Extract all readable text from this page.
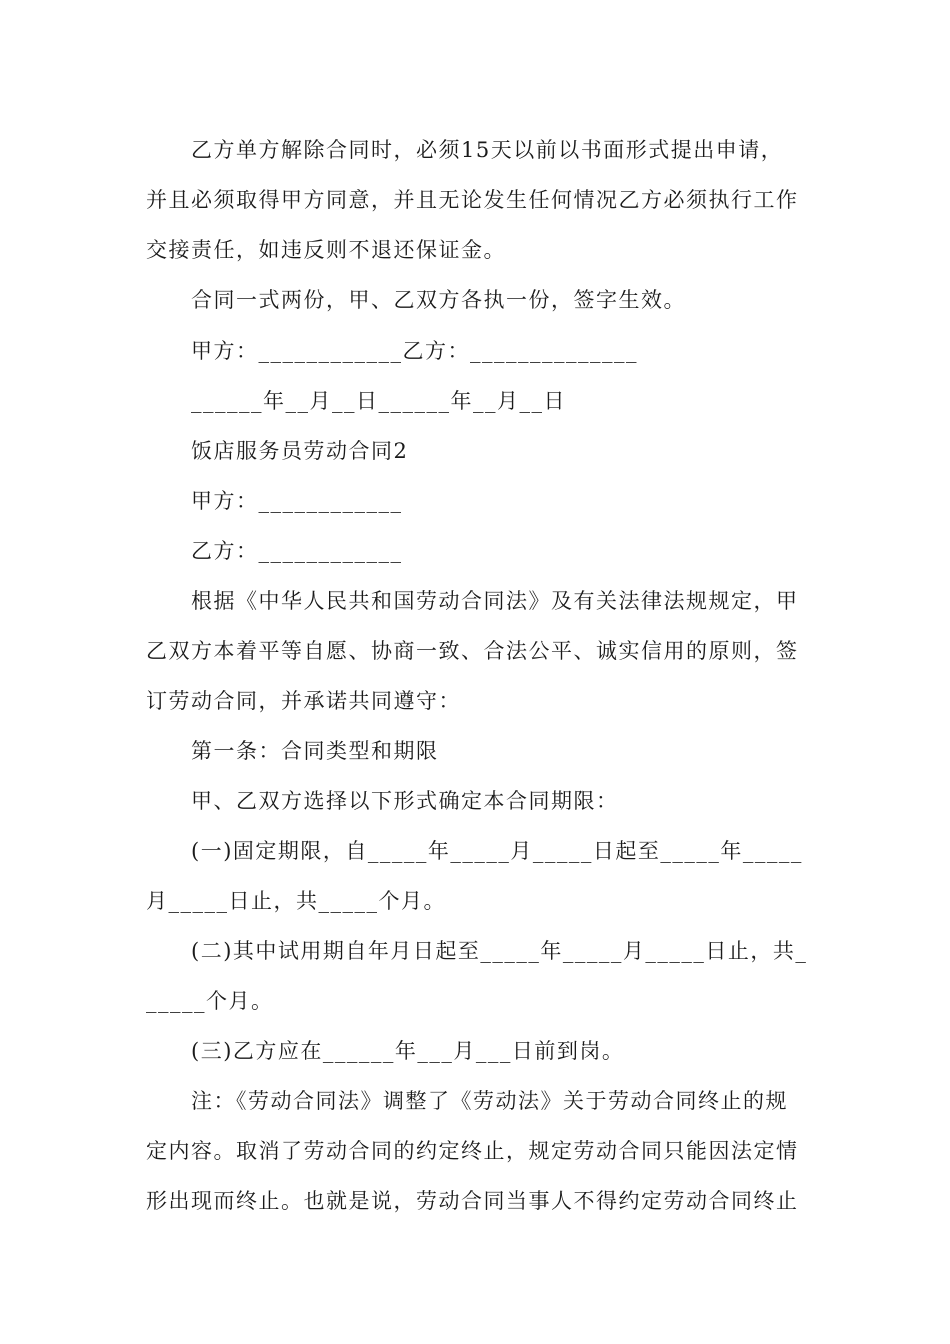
　　乙方单方解除合同时，必须15天以前以书面形式提出申请，
并且必须取得甲方同意，并且无论发生任何情况乙方必须执行工作
交接责任，如违反则不退还保证金。
　　合同一式两份，甲、乙双方各执一份，签字生效。
　　甲方：____________乙方：______________
　　______年__月__日______年__月__日
　　饭店服务员劳动合同2
　　甲方：____________
　　乙方：____________
　　根据《中华人民共和国劳动合同法》及有关法律法规规定，甲
乙双方本着平等自愿、协商一致、合法公平、诚实信用的原则，签
订劳动合同，并承诺共同遵守：
　　第一条：合同类型和期限
　　甲、乙双方选择以下形式确定本合同期限：
　　(一)固定期限，自_____年_____月_____日起至_____年_____
月_____日止，共_____个月。
　　(二)其中试用期自年月日起至_____年_____月_____日止，共_
_____个月。
　　(三)乙方应在______年___月___日前到岗。
　　注：《劳动合同法》调整了《劳动法》关于劳动合同终止的规
定内容。取消了劳动合同的约定终止，规定劳动合同只能因法定情
形出现而终止。也就是说，劳动合同当事人不得约定劳动合同终止
